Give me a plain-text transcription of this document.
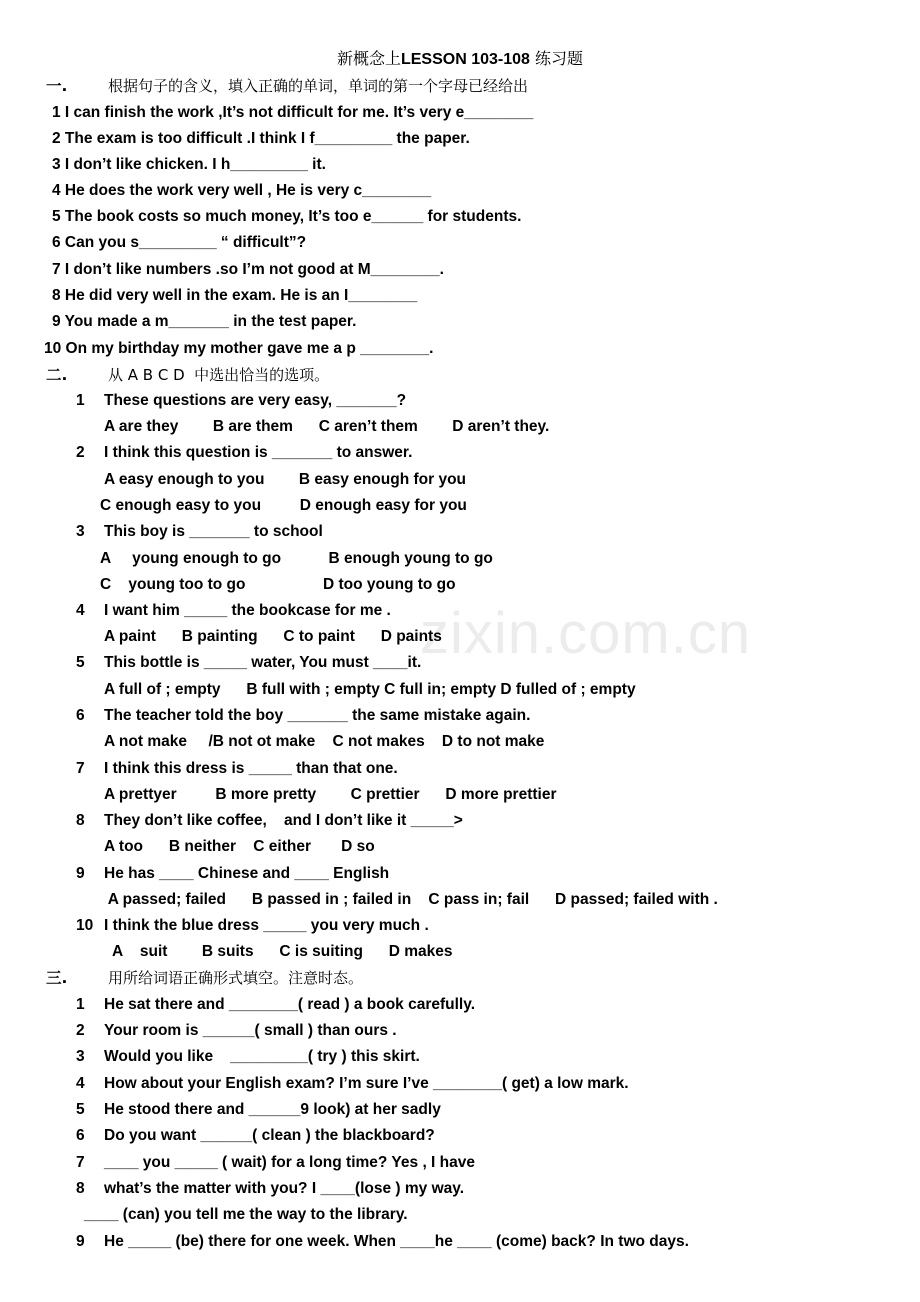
zixin.com.cn
新概念上LESSON 103-108 练习题
一.	根据句子的含义，填入正确的单词，单词的第一个字母已经给出
1 I can finish the work ,It’s not difficult for me. It’s very e________
2 The exam is too difficult .I think I f_________ the paper.
3 I don’t like chicken. I h_________ it.
4 He does the work very well , He is very c________
5 The book costs so much money, It’s too e______ for students.
6 Can you s_________ “ difficult”?
7 I don’t like numbers .so I’m not good at M________.
8 He did very well in the exam. He is an I________
9 You made a m_______ in the test paper.
10 On my birthday my mother gave me a p ________.
二.	从 A B C D  中选出恰当的选项。
1 These questions are very easy, _______?
A are they        B are them      C aren’t them        D aren’t they.
2 I think this question is _______ to answer.
A easy enough to you        B easy enough for you
C enough easy to you         D enough easy for you
3 This boy is _______ to school
A     young enough to go           B enough young to go
C    young too to go                  D too young to go
4 I want him _____ the bookcase for me .
A paint      B painting      C to paint      D paints
5 This bottle is _____ water, You must ____it.
A full of ; empty      B full with ; empty C full in; empty D fulled of ; empty
6 The teacher told the boy _______ the same mistake again.
A not make     /B not ot make    C not makes    D to not make
7 I think this dress is _____ than that one.
A prettyer         B more pretty        C prettier      D more prettier
8 They don’t like coffee,    and I don’t like it _____>
A too      B neither    C either       D so
9 He has ____ Chinese and ____ English
A passed; failed      B passed in ; failed in    C pass in; fail      D passed; failed with .
10 I think the blue dress _____ you very much .
A    suit        B suits      C is suiting      D makes
三.	用所给词语正确形式填空。注意时态。
1 He sat there and ________( read ) a book carefully.
2 Your room is ______( small ) than ours .
3 Would you like    _________( try ) this skirt.
4 How about your English exam? I’m sure I’ve ________( get) a low mark.
5 He stood there and ______9 look) at her sadly
6 Do you want ______( clean ) the blackboard?
7 ____ you _____ ( wait) for a long time? Yes , I have
8 what’s the matter with you? I ____(lose ) my way.
____ (can) you tell me the way to the library.
9 He _____ (be) there for one week. When ____he ____ (come) back? In two days.
